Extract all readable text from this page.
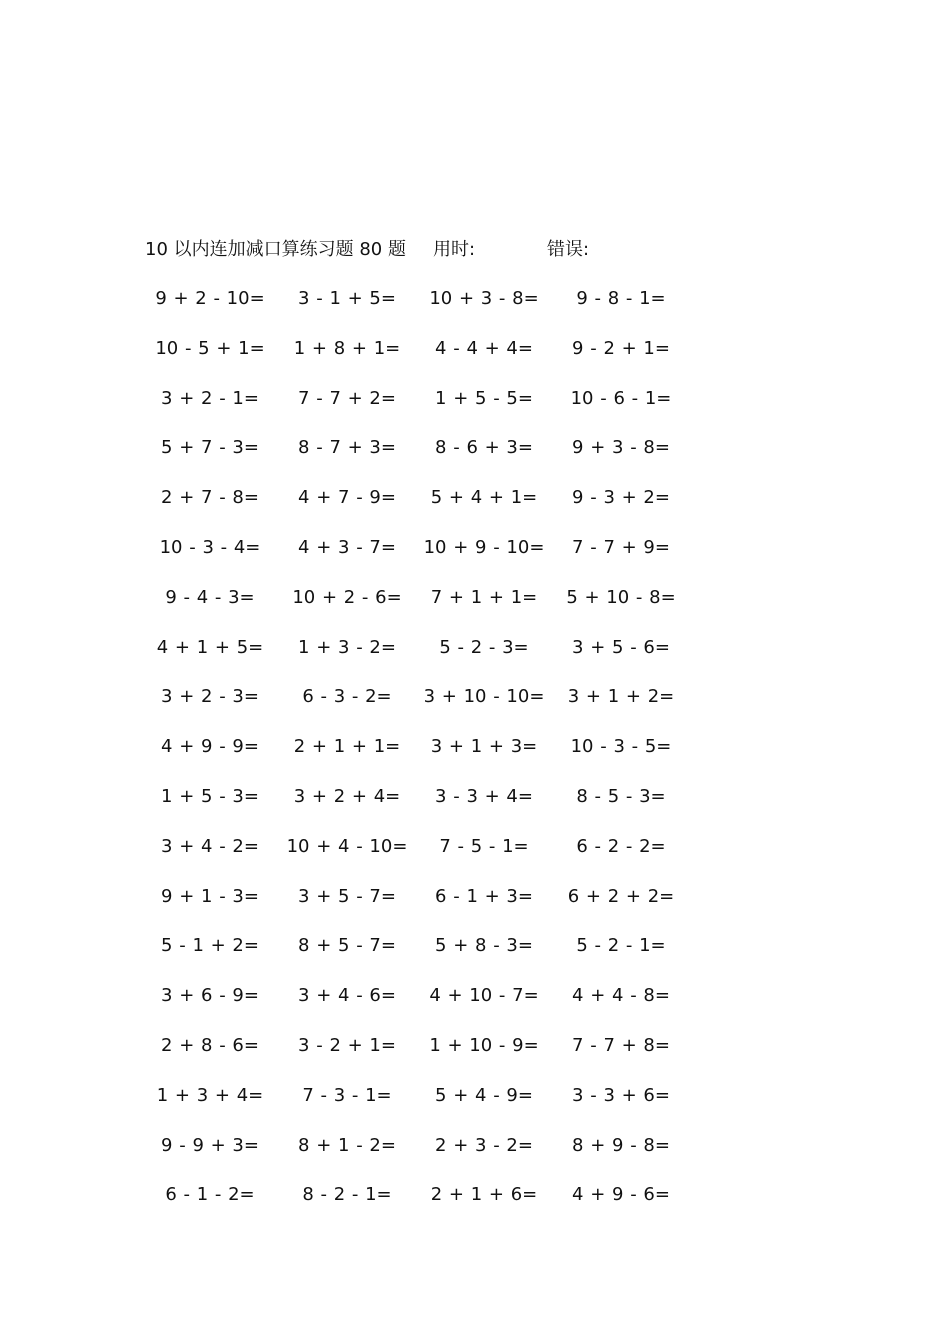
10 以内连加减口算练习题 80 题 用时:	错误:
9 + 2 - 10=	3 - 1 + 5=	10 + 3 - 8=	9 - 8 - 1=
10 - 5 + 1=	1 + 8 + 1=	4 - 4 + 4=	9 - 2 + 1=
3 + 2 - 1=	7 - 7 + 2=	1 + 5 - 5=	10 - 6 - 1=
5 + 7 - 3=	8 - 7 + 3=	8 - 6 + 3=	9 + 3 - 8=
2 + 7 - 8=	4 + 7 - 9=	5 + 4 + 1=	9 - 3 + 2=
10 - 3 - 4=	4 + 3 - 7=	10 + 9 - 10=	7 - 7 + 9=
9 - 4 - 3=	10 + 2 - 6=	7 + 1 + 1=	5 + 10 - 8=
4 + 1 + 5=	1 + 3 - 2=	5 - 2 - 3=	3 + 5 - 6=
3 + 2 - 3=	6 - 3 - 2=	3 + 10 - 10=	3 + 1 + 2=
4 + 9 - 9=	2 + 1 + 1=	3 + 1 + 3=	10 - 3 - 5=
1 + 5 - 3=	3 + 2 + 4=	3 - 3 + 4=	8 - 5 - 3=
3 + 4 - 2=	10 + 4 - 10=	7 - 5 - 1=	6 - 2 - 2=
9 + 1 - 3=	3 + 5 - 7=	6 - 1 + 3=	6 + 2 + 2=
5 - 1 + 2=	8 + 5 - 7=	5 + 8 - 3=	5 - 2 - 1=
3 + 6 - 9=	3 + 4 - 6=	4 + 10 - 7=	4 + 4 - 8=
2 + 8 - 6=	3 - 2 + 1=	1 + 10 - 9=	7 - 7 + 8=
1 + 3 + 4=	7 - 3 - 1=	5 + 4 - 9=	3 - 3 + 6=
9 - 9 + 3=	8 + 1 - 2=	2 + 3 - 2=	8 + 9 - 8=
6 - 1 - 2=	8 - 2 - 1=	2 + 1 + 6=	4 + 9 - 6=
